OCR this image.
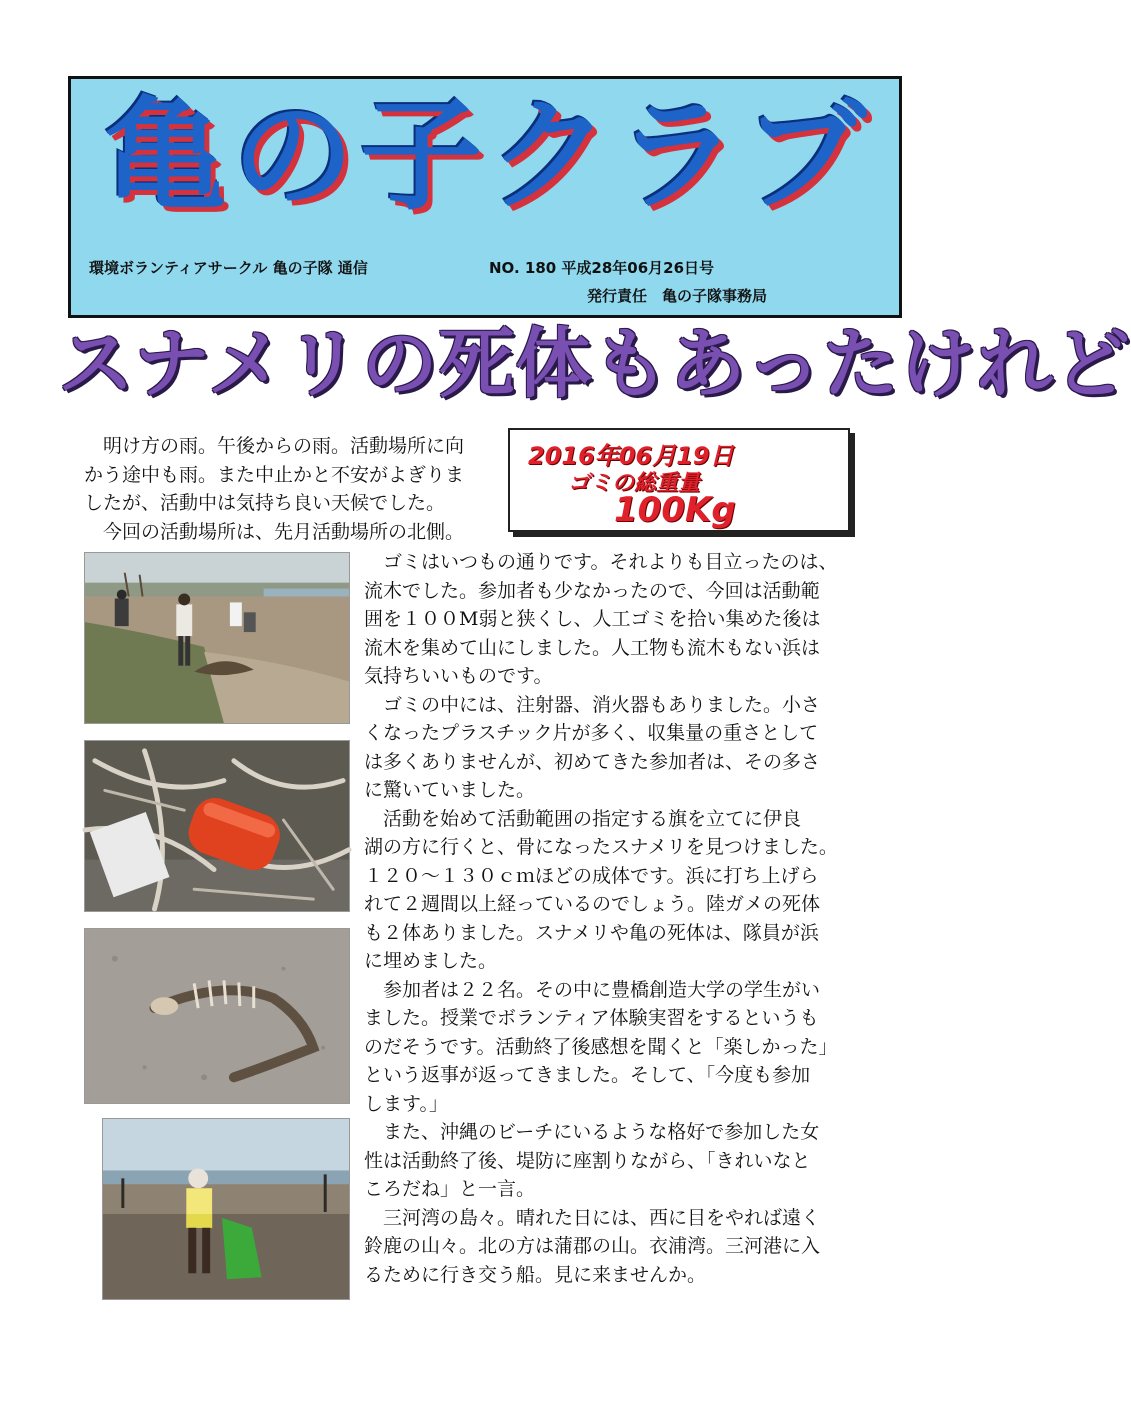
亀の子クラブ
環境ボランティアサークル 亀の子隊 通信	NO. 180 平成28年06月26日号
発行責任　亀の子隊事務局
スナメリの死体もあったけれど
2016年06月19日
ゴミの総重量
100Kg

明け方の雨。午後からの雨。活動場所に向

かう途中も雨。また中止かと不安がよぎりま

したが、活動中は気持ち良い天候でした。

今回の活動場所は、先月活動場所の北側。

ゴミはいつもの通りです。それよりも目立ったのは、

流木でした。参加者も少なかったので、今回は活動範

囲を１００M弱と狭くし、人工ゴミを拾い集めた後は

流木を集めて山にしました。人工物も流木もない浜は

気持ちいいものです。

ゴミの中には、注射器、消火器もありました。小さ

くなったプラスチック片が多く、収集量の重さとして

は多くありませんが、初めてきた参加者は、その多さ

に驚いていました。

活動を始めて活動範囲の指定する旗を立てに伊良

湖の方に行くと、骨になったスナメリを見つけました。

１２０～１３０ｃｍほどの成体です。浜に打ち上げら

れて２週間以上経っているのでしょう。陸ガメの死体

も２体ありました。スナメリや亀の死体は、隊員が浜

に埋めました。

参加者は２２名。その中に豊橋創造大学の学生がい

ました。授業でボランティア体験実習をするというも

のだそうです。活動終了後感想を聞くと「楽しかった」

という返事が返ってきました。そして、「今度も参加

します。」

また、沖縄のビーチにいるような格好で参加した女

性は活動終了後、堤防に座割りながら、「きれいなと

ころだね」と一言。

三河湾の島々。晴れた日には、西に目をやれば遠く

鈴鹿の山々。北の方は蒲郡の山。衣浦湾。三河港に入

るために行き交う船。見に来ませんか。
